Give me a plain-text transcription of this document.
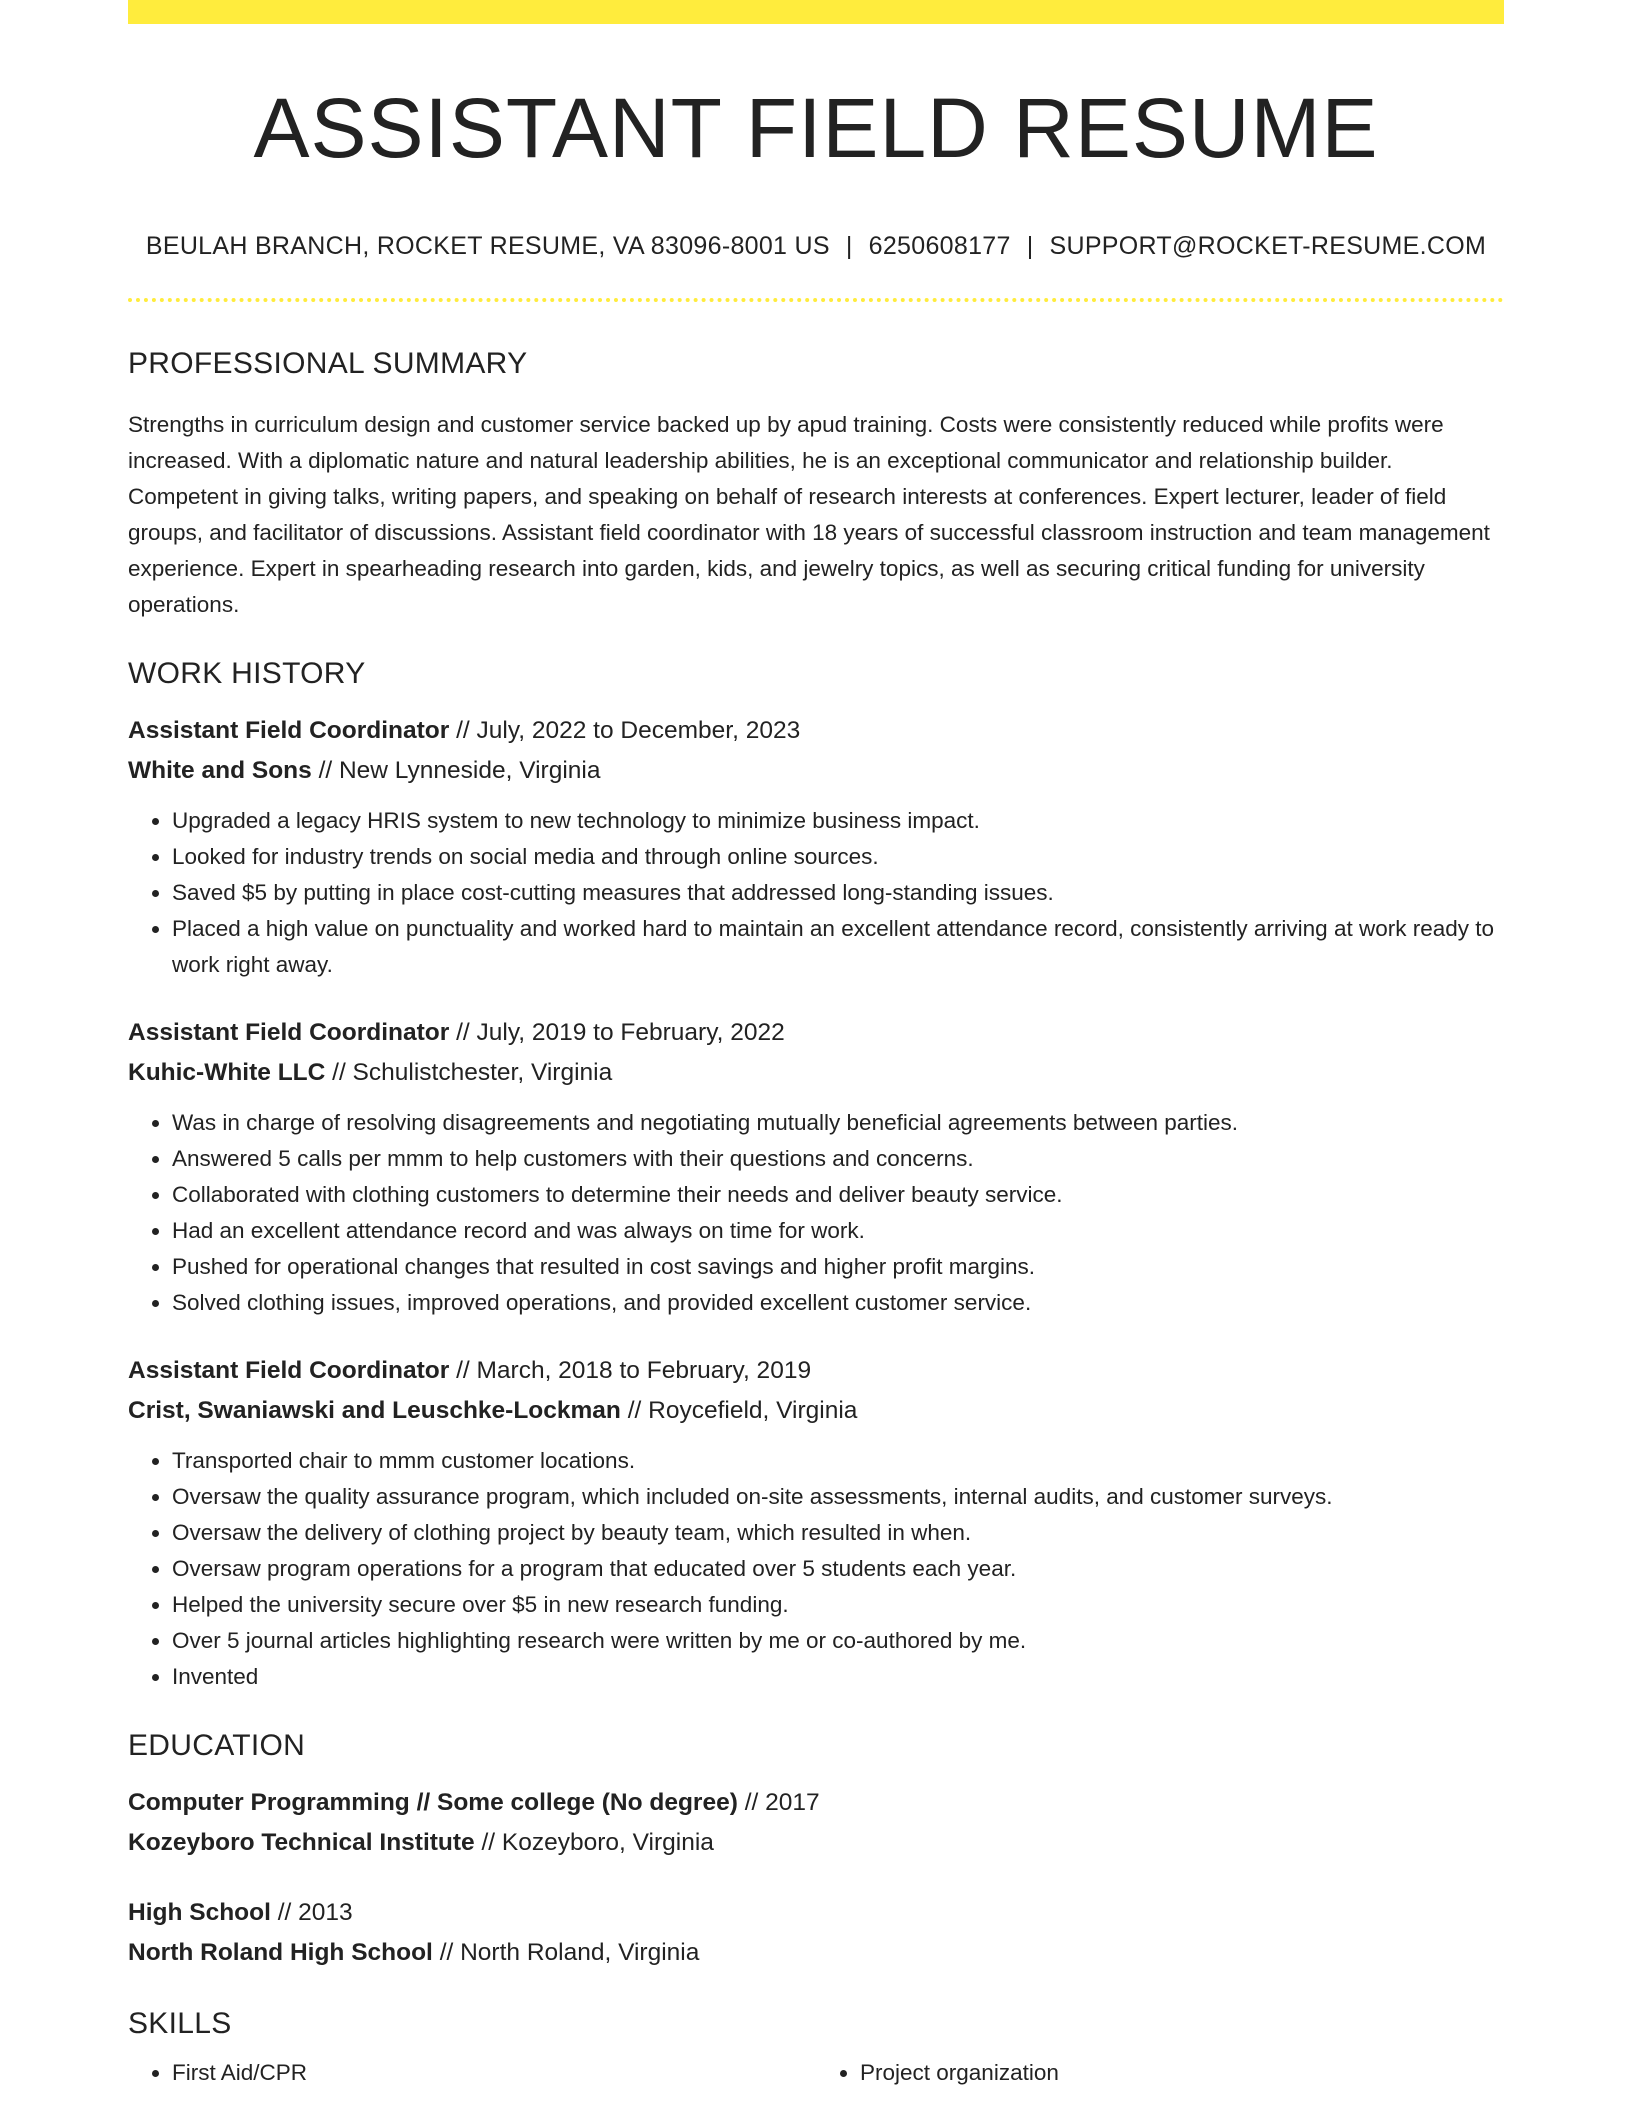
ASSISTANT FIELD RESUME
BEULAH BRANCH, ROCKET RESUME, VA 83096-8001 US | 6250608177 | SUPPORT@ROCKET-RESUME.COM
PROFESSIONAL SUMMARY

Strengths in curriculum design and customer service backed up by apud training. Costs were consistently reduced while profits were increased. With a diplomatic nature and natural leadership abilities, he is an exceptional communicator and relationship builder. Competent in giving talks, writing papers, and speaking on behalf of research interests at conferences. Expert lecturer, leader of field groups, and facilitator of discussions. Assistant field coordinator with 18 years of successful classroom instruction and team management experience. Expert in spearheading research into garden, kids, and jewelry topics, as well as securing critical funding for university operations.

WORK HISTORY
Assistant Field Coordinator // July, 2022 to December, 2023
White and Sons // New Lynneside, Virginia
• Upgraded a legacy HRIS system to new technology to minimize business impact.
• Looked for industry trends on social media and through online sources.
• Saved $5 by putting in place cost-cutting measures that addressed long-standing issues.
• Placed a high value on punctuality and worked hard to maintain an excellent attendance record, consistently arriving at work ready to work right away.
Assistant Field Coordinator // July, 2019 to February, 2022
Kuhic-White LLC // Schulistchester, Virginia
• Was in charge of resolving disagreements and negotiating mutually beneficial agreements between parties.
• Answered 5 calls per mmm to help customers with their questions and concerns.
• Collaborated with clothing customers to determine their needs and deliver beauty service.
• Had an excellent attendance record and was always on time for work.
• Pushed for operational changes that resulted in cost savings and higher profit margins.
• Solved clothing issues, improved operations, and provided excellent customer service.
Assistant Field Coordinator // March, 2018 to February, 2019
Crist, Swaniawski and Leuschke-Lockman // Roycefield, Virginia
• Transported chair to mmm customer locations.
• Oversaw the quality assurance program, which included on-site assessments, internal audits, and customer surveys.
• Oversaw the delivery of clothing project by beauty team, which resulted in when.
• Oversaw program operations for a program that educated over 5 students each year.
• Helped the university secure over $5 in new research funding.
• Over 5 journal articles highlighting research were written by me or co-authored by me.
• Invented
EDUCATION
Computer Programming // Some college (No degree) // 2017
Kozeyboro Technical Institute // Kozeyboro, Virginia
High School // 2013
North Roland High School // North Roland, Virginia
SKILLS
• First Aid/CPR
•	Project organization
